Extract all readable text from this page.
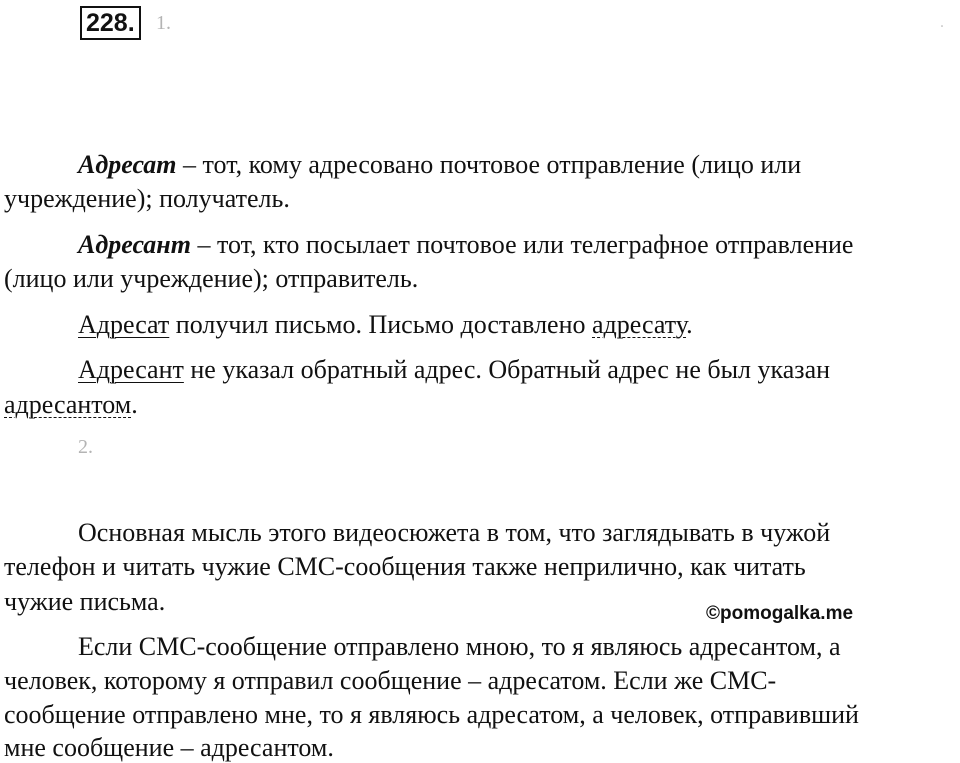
228.	1.	.
Адресат – тот, кому адресовано почтовое отправление (лицо или
учреждение); получатель.
Адресант – тот, кто посылает почтовое или телеграфное отправление
(лицо или учреждение); отправитель.
Адресат получил письмо. Письмо доставлено адресату.
Адресант не указал обратный адрес. Обратный адрес не был указан
адресантом.
2.
Основная мысль этого видеосюжета в том, что заглядывать в чужой
телефон и читать чужие СМС-сообщения также неприлично, как читать
чужие письма.	©pomogalka.me
Если СМС-сообщение отправлено мною, то я являюсь адресантом, а
человек, которому я отправил сообщение – адресатом. Если же СМС-
сообщение отправлено мне, то я являюсь адресатом, а человек, отправивший
мне сообщение – адресантом.
